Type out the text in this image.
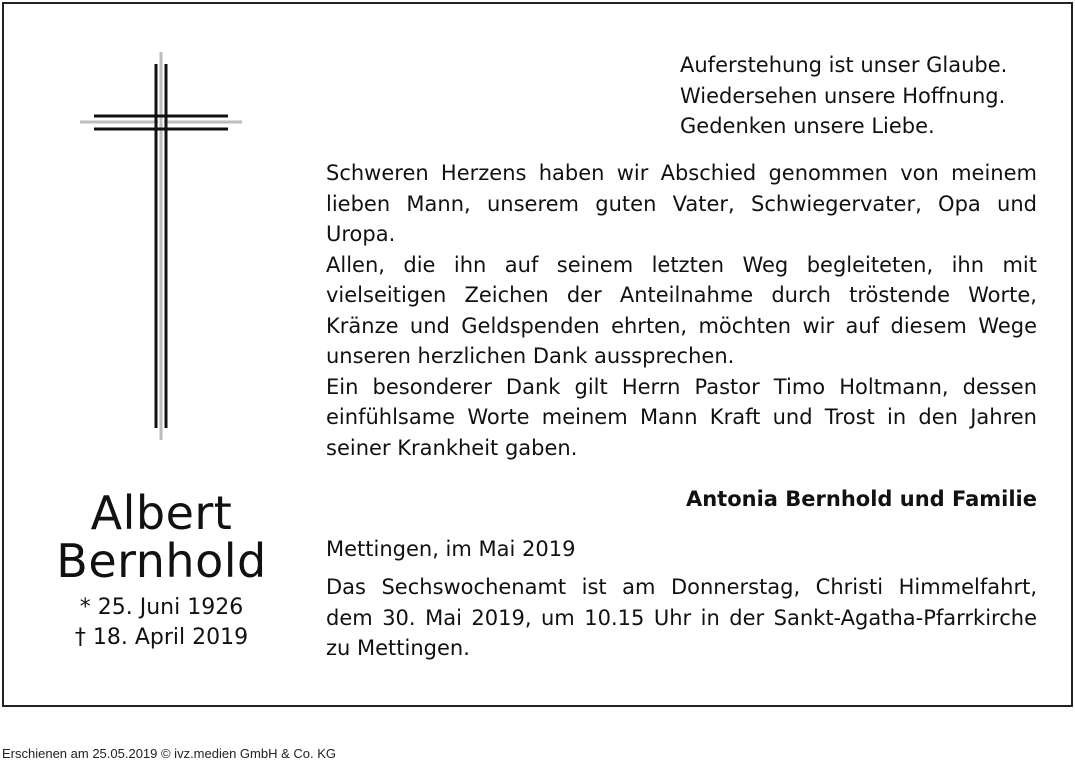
Auferstehung ist unser Glaube.
Wiedersehen unsere Hoffnung.
Gedenken unsere Liebe.

Schweren Herzens haben wir Abschied genommen von meinem lieben Mann, unserem guten Vater, Schwiegervater, Opa und Uropa.

Allen, die ihn auf seinem letzten Weg begleiteten, ihn mit vielseitigen Zeichen der Anteilnahme durch tröstende Worte, Kränze und Geldspenden ehrten, möchten wir auf diesem Wege unseren herzlichen Dank aussprechen.

Ein besonderer Dank gilt Herrn Pastor Timo Holtmann, dessen einfühlsame Worte meinem Mann Kraft und Trost in den Jahren seiner Krankheit gaben.

Antonia Bernhold und Familie
Albert
Bernhold
* 25. Juni 1926
† 18. April 2019
Mettingen, im Mai 2019
Das Sechswochenamt ist am Donnerstag, Christi Himmelfahrt, dem 30. Mai 2019, um 10.15 Uhr in der Sankt-Agatha-Pfarrkirche zu Mettingen.
Erschienen am 25.05.2019 © ivz.medien GmbH & Co. KG
